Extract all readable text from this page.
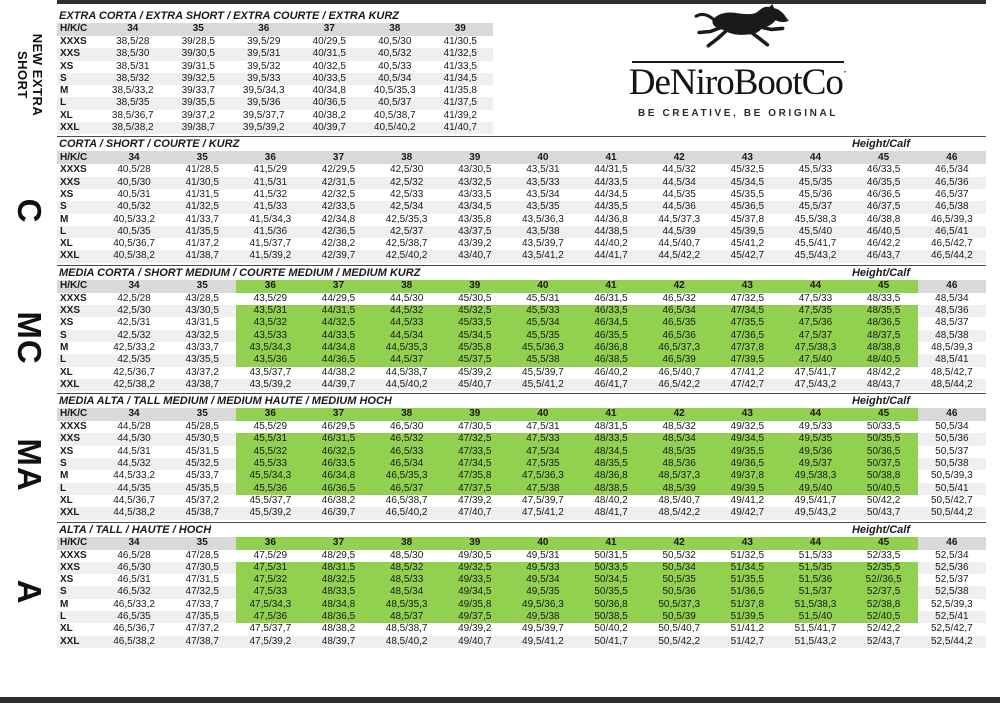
NEW EXTRA
SHORT
C
MC
MA
A
EXTRA CORTA / EXTRA SHORT / EXTRA COURTE / EXTRA KURZ
H/K/C	34	35	36	37	38	39
XXXS	38,5/28	39/28,5	39,5/29	40/29,5	40,5/30	41/30,5
XXS	38,5/30	39/30,5	39,5/31	40/31,5	40,5/32	41/32,5
XS	38,5/31	39/31,5	39,5/32	40/32,5	40,5/33	41/33,5
S	38,5/32	39/32,5	39,5/33	40/33,5	40,5/34	41/34,5
M	38,5/33,2	39/33,7	39,5/34,3	40/34,8	40,5/35,3	41/35,8
L	38,5/35	39/35,5	39,5/36	40/36,5	40,5/37	41/37,5
XL	38,5/36,7	39/37,2	39,5/37,7	40/38,2	40,5/38,7	41/39,2
XXL	38,5/38,2	39/38,7	39,5/39,2	40/39,7	40,5/40,2	41/40,7
CORTA / SHORT / COURTE / KURZ	Height/Calf
H/K/C	34	35	36	37	38	39	40	41	42	43	44	45	46
XXXS	40,5/28	41/28,5	41,5/29	42/29,5	42,5/30	43/30,5	43,5/31	44/31,5	44,5/32	45/32,5	45,5/33	46/33,5	46,5/34
XXS	40,5/30	41/30,5	41,5/31	42/31,5	42,5/32	43/32,5	43,5/33	44/33,5	44,5/34	45/34,5	45,5/35	46/35,5	46,5/36
XS	40,5/31	41/31,5	41,5/32	42/32,5	42,5/33	43/33,5	43,5/34	44/34,5	44,5/35	45/35,5	45,5/36	46/36,5	46,5/37
S	40,5/32	41/32,5	41,5/33	42/33,5	42,5/34	43/34,5	43,5/35	44/35,5	44,5/36	45/36,5	45,5/37	46/37,5	46,5/38
M	40,5/33,2	41/33,7	41,5/34,3	42/34,8	42,5/35,3	43/35,8	43,5/36,3	44/36,8	44,5/37,3	45/37,8	45,5/38,3	46/38,8	46,5/39,3
L	40,5/35	41/35,5	41,5/36	42/36,5	42,5/37	43/37,5	43,5/38	44/38,5	44,5/39	45/39,5	45,5/40	46/40,5	46,5/41
XL	40,5/36,7	41/37,2	41,5/37,7	42/38,2	42,5/38,7	43/39,2	43,5/39,7	44/40,2	44,5/40,7	45/41,2	45,5/41,7	46/42,2	46,5/42,7
XXL	40,5/38,2	41/38,7	41,5/39,2	42/39,7	42,5/40,2	43/40,7	43,5/41,2	44/41,7	44,5/42,2	45/42,7	45,5/43,2	46/43,7	46,5/44,2
MEDIA CORTA / SHORT MEDIUM / COURTE MEDIUM / MEDIUM KURZ	Height/Calf
H/K/C	34	35	36	37	38	39	40	41	42	43	44	45	46
XXXS	42,5/28	43/28,5	43,5/29	44/29,5	44,5/30	45/30,5	45,5/31	46/31,5	46,5/32	47/32,5	47,5/33	48/33,5	48,5/34
XXS	42,5/30	43/30,5	43,5/31	44/31,5	44,5/32	45/32,5	45,5/33	46/33,5	46,5/34	47/34,5	47,5/35	48/35,5	48,5/36
XS	42,5/31	43/31,5	43,5/32	44/32,5	44,5/33	45/33,5	45,5/34	46/34,5	46,5/35	47/35,5	47,5/36	48/36,5	48,5/37
S	42,5/32	43/32,5	43,5/33	44/33,5	44,5/34	45/34,5	45,5/35	46/35,5	46,5/36	47/36,5	47,5/37	48/37,5	48,5/38
M	42,5/33,2	43/33,7	43,5/34,3	44/34,8	44,5/35,3	45/35,8	45,5/36,3	46/36,8	46,5/37,3	47/37,8	47,5/38,3	48/38,8	48,5/39,3
L	42,5/35	43/35,5	43,5/36	44/36,5	44,5/37	45/37,5	45,5/38	46/38,5	46,5/39	47/39,5	47,5/40	48/40,5	48,5/41
XL	42,5/36,7	43/37,2	43,5/37,7	44/38,2	44,5/38,7	45/39,2	45,5/39,7	46/40,2	46,5/40,7	47/41,2	47,5/41,7	48/42,2	48,5/42,7
XXL	42,5/38,2	43/38,7	43,5/39,2	44/39,7	44,5/40,2	45/40,7	45,5/41,2	46/41,7	46,5/42,2	47/42,7	47,5/43,2	48/43,7	48,5/44,2
MEDIA ALTA / TALL MEDIUM / MEDIUM HAUTE / MEDIUM HOCH	Height/Calf
H/K/C	34	35	36	37	38	39	40	41	42	43	44	45	46
XXXS	44,5/28	45/28,5	45,5/29	46/29,5	46,5/30	47/30,5	47,5/31	48/31,5	48,5/32	49/32,5	49,5/33	50/33,5	50,5/34
XXS	44,5/30	45/30,5	45,5/31	46/31,5	46,5/32	47/32,5	47,5/33	48/33,5	48,5/34	49/34,5	49,5/35	50/35,5	50,5/36
XS	44,5/31	45/31,5	45,5/32	46/32,5	46,5/33	47/33,5	47,5/34	48/34,5	48,5/35	49/35,5	49,5/36	50/36,5	50,5/37
S	44,5/32	45/32,5	45,5/33	46/33,5	46,5/34	47/34,5	47,5/35	48/35,5	48,5/36	49/36,5	49,5/37	50/37,5	50,5/38
M	44,5/33,2	45/33,7	45,5/34,3	46/34,8	46,5/35,3	47/35,8	47,5/36,3	48/36,8	48,5/37,3	49/37,8	49,5/38,3	50/38,8	50,5/39,3
L	44,5/35	45/35,5	45,5/36	46/36,5	46,5/37	47/37,5	47,5/38	48/38,5	48,5/39	49/39,5	49,5/40	50/40,5	50,5/41
XL	44,5/36,7	45/37,2	45,5/37,7	46/38,2	46,5/38,7	47/39,2	47,5/39,7	48/40,2	48,5/40,7	49/41,2	49,5/41,7	50/42,2	50,5/42,7
XXL	44,5/38,2	45/38,7	45,5/39,2	46/39,7	46,5/40,2	47/40,7	47,5/41,2	48/41,7	48,5/42,2	49/42,7	49,5/43,2	50/43,7	50,5/44,2
ALTA / TALL / HAUTE / HOCH	Height/Calf
H/K/C	34	35	36	37	38	39	40	41	42	43	44	45	46
XXXS	46,5/28	47/28,5	47,5/29	48/29,5	48,5/30	49/30,5	49,5/31	50/31,5	50,5/32	51/32,5	51,5/33	52/33,5	52,5/34
XXS	46,5/30	47/30,5	47,5/31	48/31,5	48,5/32	49/32,5	49,5/33	50/33,5	50,5/34	51/34,5	51,5/35	52/35,5	52,5/36
XS	46,5/31	47/31,5	47,5/32	48/32,5	48,5/33	49/33,5	49,5/34	50/34,5	50,5/35	51/35,5	51,5/36	52//36,5	52,5/37
S	46,5/32	47/32,5	47,5/33	48/33,5	48,5/34	49/34,5	49,5/35	50/35,5	50,5/36	51/36,5	51,5/37	52/37,5	52,5/38
M	46,5/33,2	47/33,7	47,5/34,3	48/34,8	48,5/35,3	49/35,8	49,5/36,3	50/36,8	50,5/37,3	51/37,8	51,5/38,3	52/38,8	52,5/39,3
L	46,5/35	47/35,5	47,5/36	48/36,5	48,5/37	49/37,5	49,5/38	50/38,5	50,5/39	51/39,5	51,5/40	52/40,5	52,5/41
XL	46,5/36,7	47/37,2	47,5/37,7	48/38,2	48,5/38,7	49/39,2	49,5/39,7	50/40,2	50,5/40,7	51/41,2	51,5/41,7	52/42,2	52,5/42,7
XXL	46,5/38,2	47/38,7	47,5/39,2	48/39,7	48,5/40,2	49/40,7	49,5/41,2	50/41,7	50,5/42,2	51/42,7	51,5/43,2	52/43,7	52,5/44,2
DeNiroBootCo·
BE CREATIVE, BE ORIGINAL
